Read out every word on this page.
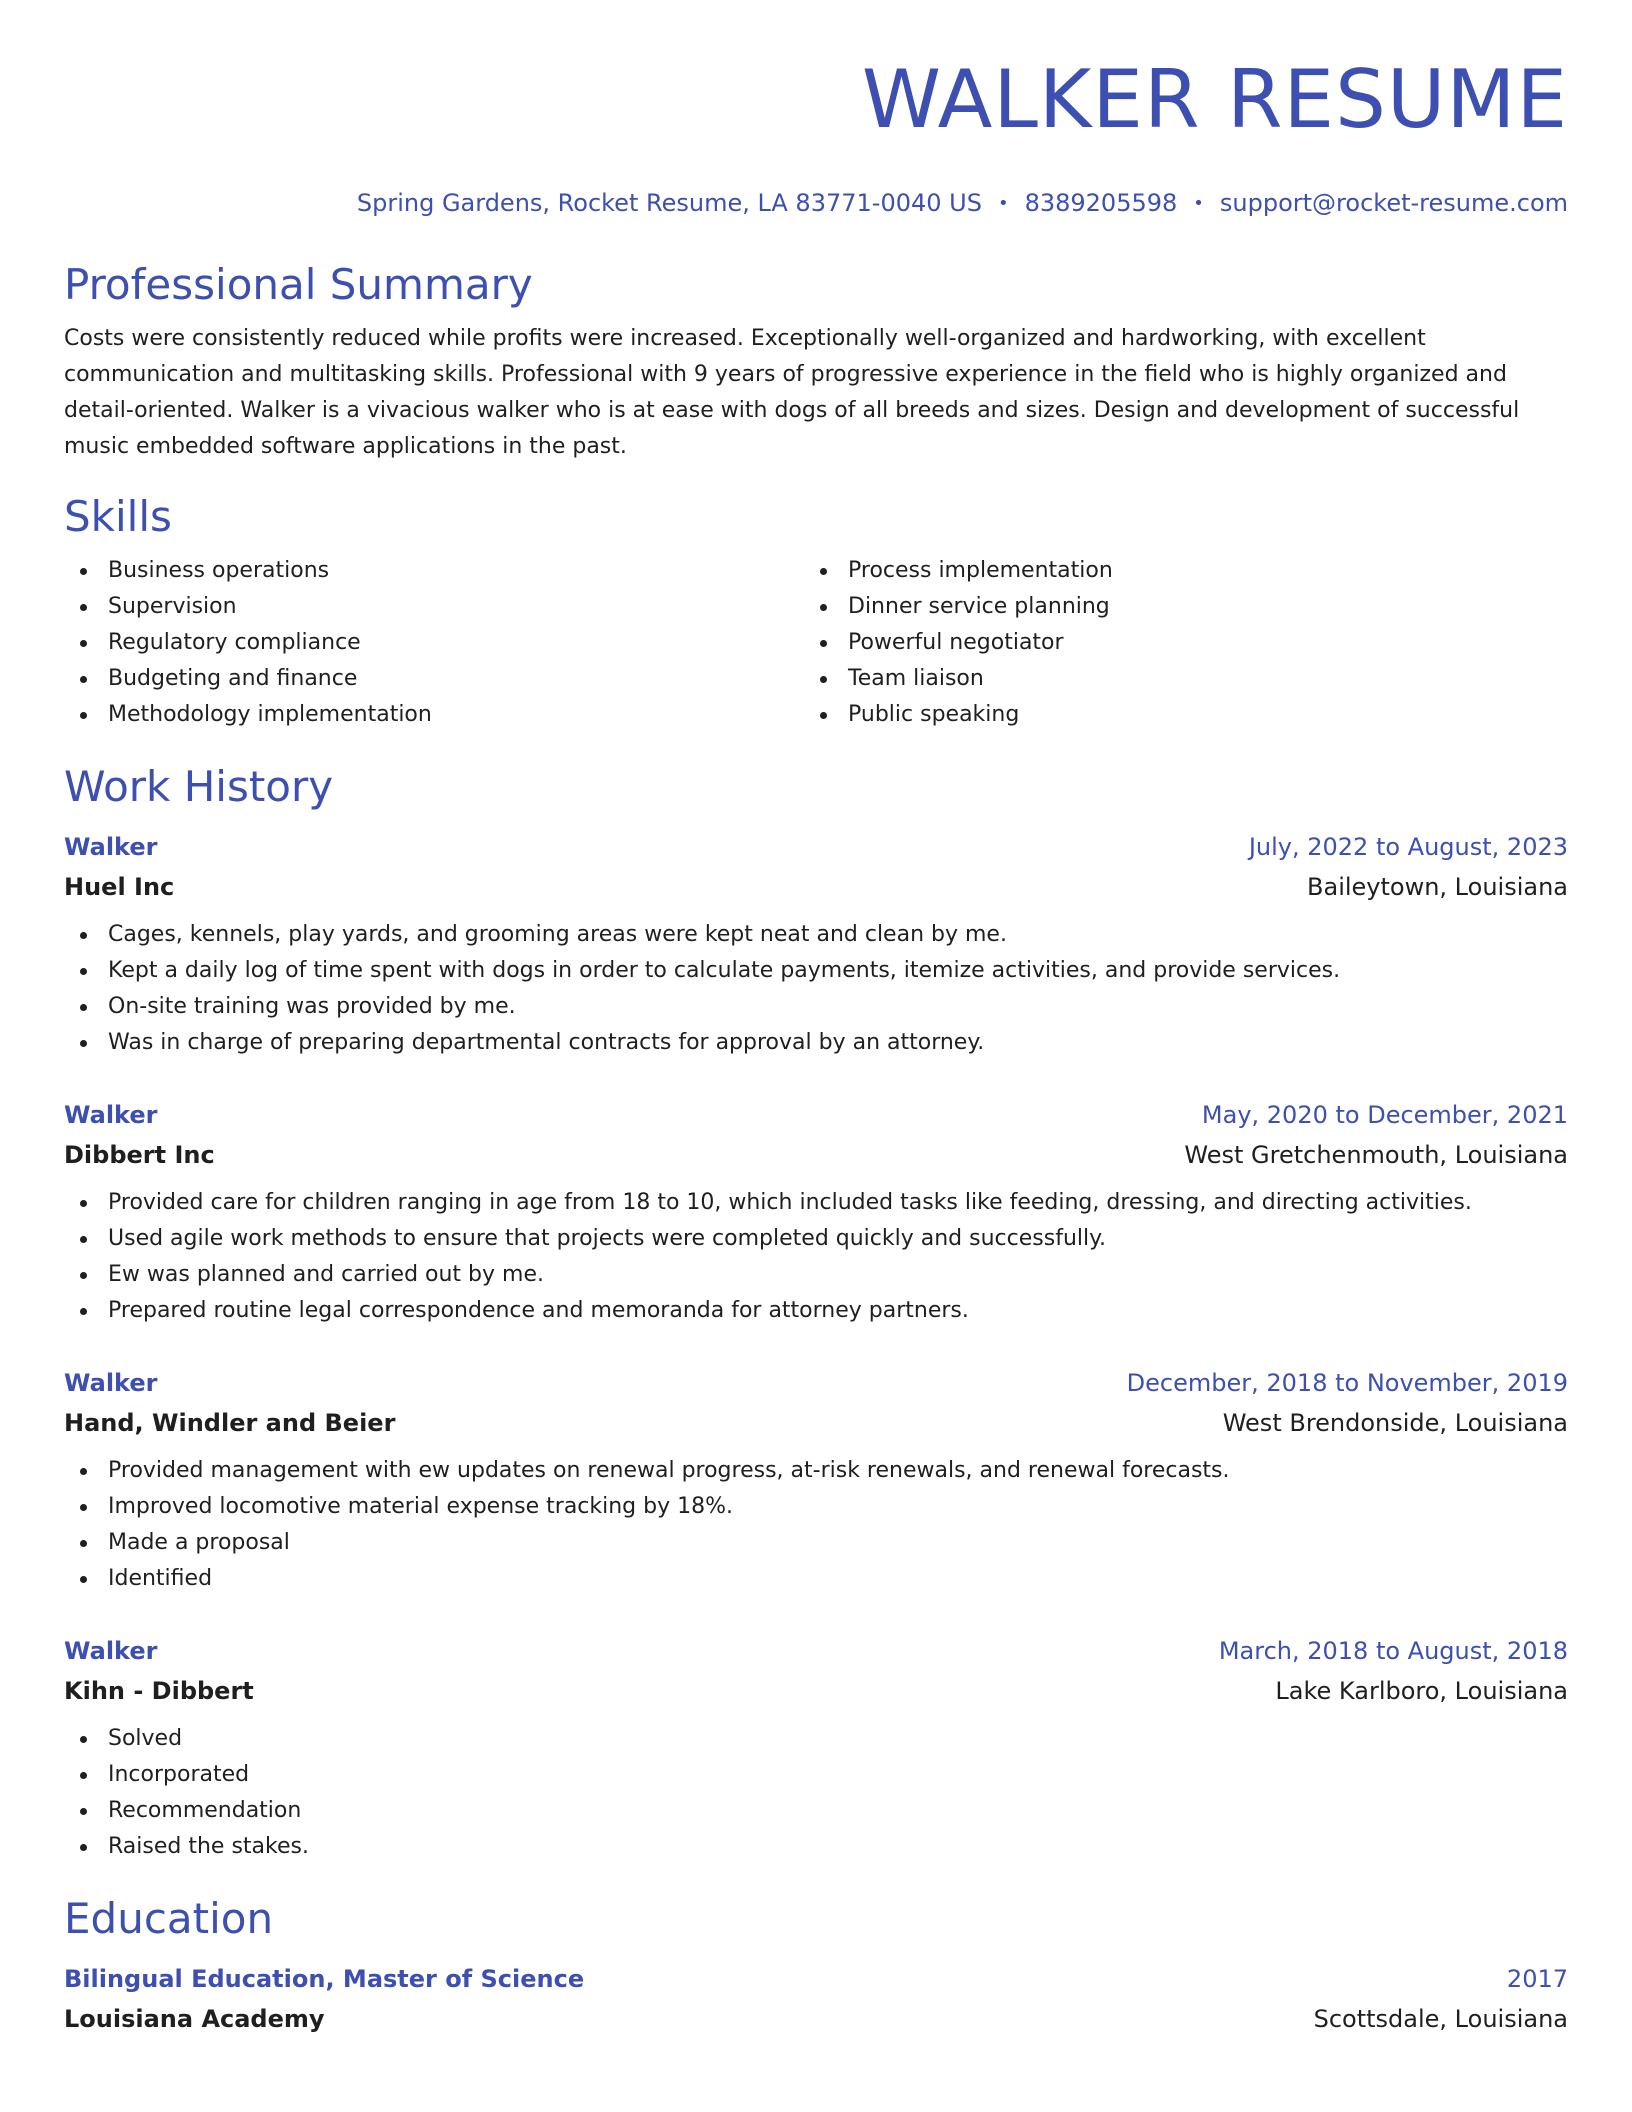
WALKER RESUME
Spring Gardens, Rocket Resume, LA 83771-0040 US • 8389205598 • support@rocket-resume.com
Professional Summary

Costs were consistently reduced while profits were increased. Exceptionally well-organized and hardworking, with excellent communication and multitasking skills. Professional with 9 years of progressive experience in the field who is highly organized and detail-oriented. Walker is a vivacious walker who is at ease with dogs of all breeds and sizes. Design and development of successful music embedded software applications in the past.

Skills
Business operations
Supervision
Regulatory compliance
Budgeting and finance
Methodology implementation
Process implementation
Dinner service planning
Powerful negotiator
Team liaison
Public speaking
Work History
Walker	July, 2022 to August, 2023
Huel Inc	Baileytown, Louisiana
Cages, kennels, play yards, and grooming areas were kept neat and clean by me.
Kept a daily log of time spent with dogs in order to calculate payments, itemize activities, and provide services.
On-site training was provided by me.
Was in charge of preparing departmental contracts for approval by an attorney.
Walker	May, 2020 to December, 2021
Dibbert Inc	West Gretchenmouth, Louisiana
Provided care for children ranging in age from 18 to 10, which included tasks like feeding, dressing, and directing activities.
Used agile work methods to ensure that projects were completed quickly and successfully.
Ew was planned and carried out by me.
Prepared routine legal correspondence and memoranda for attorney partners.
Walker	December, 2018 to November, 2019
Hand, Windler and Beier	West Brendonside, Louisiana
Provided management with ew updates on renewal progress, at-risk renewals, and renewal forecasts.
Improved locomotive material expense tracking by 18%.
Made a proposal
Identified
Walker	March, 2018 to August, 2018
Kihn - Dibbert	Lake Karlboro, Louisiana
Solved
Incorporated
Recommendation
Raised the stakes.
Education
Bilingual Education, Master of Science	2017
Louisiana Academy	Scottsdale, Louisiana
